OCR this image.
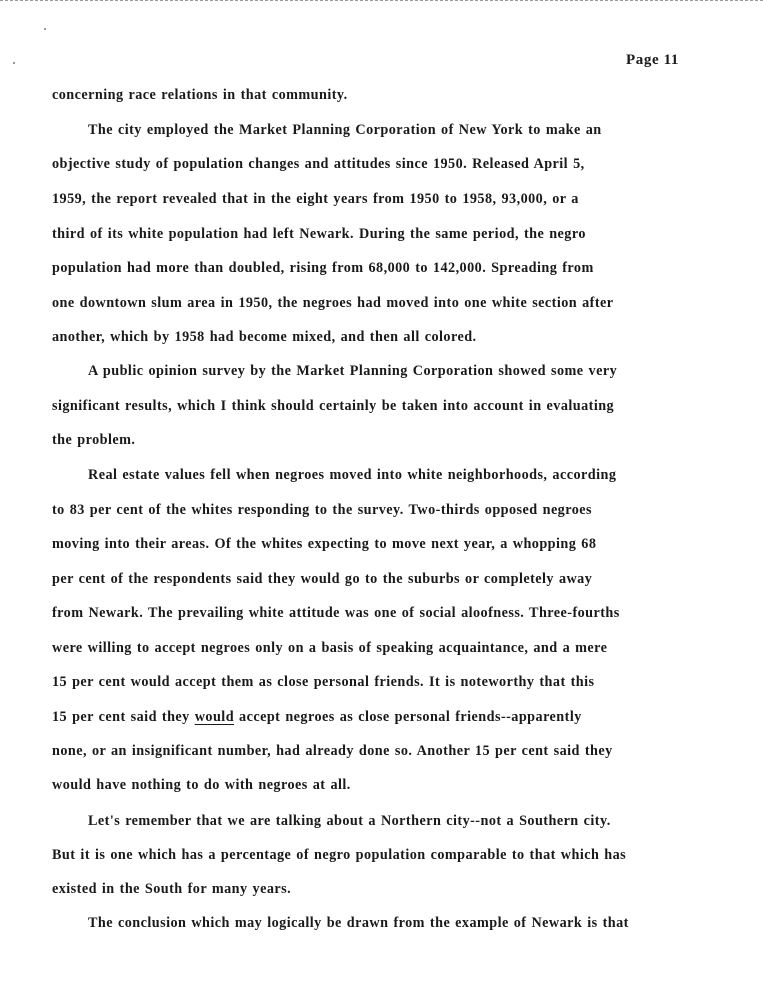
Page 11
concerning race relations in that community.
The city employed the Market Planning Corporation of New York to make an
objective study of population changes and attitudes since 1950. Released April 5,
1959, the report revealed that in the eight years from 1950 to 1958, 93,000, or a
third of its white population had left Newark. During the same period, the negro
population had more than doubled, rising from 68,000 to 142,000. Spreading from
one downtown slum area in 1950, the negroes had moved into one white section after
another, which by 1958 had become mixed, and then all colored.
A public opinion survey by the Market Planning Corporation showed some very
significant results, which I think should certainly be taken into account in evaluating
the problem.
Real estate values fell when negroes moved into white neighborhoods, according
to 83 per cent of the whites responding to the survey. Two-thirds opposed negroes
moving into their areas. Of the whites expecting to move next year, a whopping 68
per cent of the respondents said they would go to the suburbs or completely away
from Newark. The prevailing white attitude was one of social aloofness. Three-fourths
were willing to accept negroes only on a basis of speaking acquaintance, and a mere
15 per cent would accept them as close personal friends. It is noteworthy that this
15 per cent said they would accept negroes as close personal friends--apparently
none, or an insignificant number, had already done so. Another 15 per cent said they
would have nothing to do with negroes at all.
Let's remember that we are talking about a Northern city--not a Southern city.
But it is one which has a percentage of negro population comparable to that which has
existed in the South for many years.
The conclusion which may logically be drawn from the example of Newark is that
